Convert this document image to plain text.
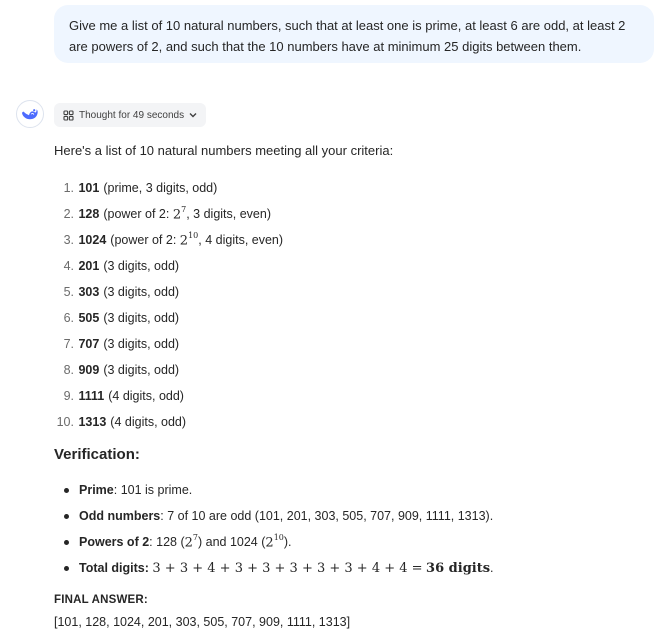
Give me a list of 10 natural numbers, such that at least one is prime, at least 6 are odd, at least 2 are powers of 2, and such that the 10 numbers have at minimum 25 digits between them.
Thought for 49 seconds
Here's a list of 10 natural numbers meeting all your criteria:
1.
101 (prime, 3 digits, odd)
2.
128 (power of 2:
$2^7$ , 3 digits, even)
3.
1024 (power of 2:
$2^{10}$ , 4 digits, even)
4.
201 (3 digits, odd)
5.
303 (3 digits, odd)
6.
505 (3 digits, odd)
7.
707 (3 digits, odd)
8.
909 (3 digits, odd)
9.
1111 (4 digits, odd)
10.
1313 (4 digits, odd)
Verification:
Prime : 101 is prime.
Odd numbers : 7 of 10 are odd (101, 201, 303, 505, 707, 909, 1111, 1313).
Powers of 2 : 128 ( $2^7$ ) and 1024 ( $2^{10}$ ).
Total digits :
3 + 3 + 4 + 3 + 3 + 3 + 3 + 3 + 4 + 4 =
36 digits .
FINAL ANSWER:
[101, 128, 1024, 201, 303, 505, 707, 909, 1111, 1313]
